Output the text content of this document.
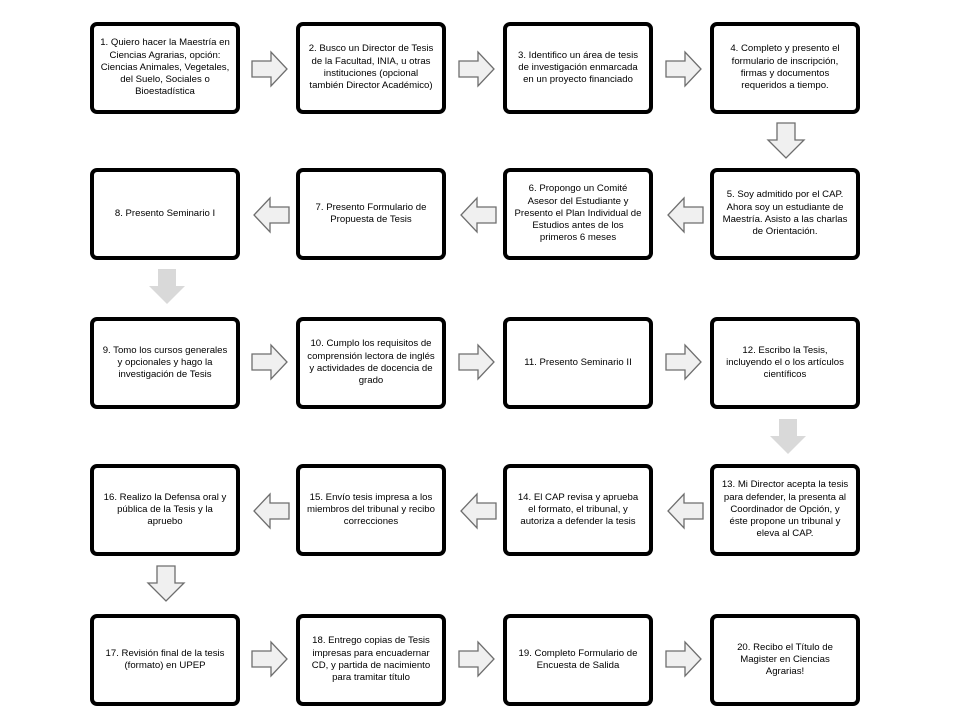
1. Quiero hacer la Maestría en Ciencias Agrarias, opción: Ciencias Animales, Vegetales, del Suelo, Sociales o Bioestadística
2. Busco un Director de Tesis de la Facultad, INIA, u otras instituciones (opcional también Director Académico)
3. Identifico un área de tesis de investigación enmarcada en un proyecto financiado
4. Completo y presento el formulario de inscripción, firmas y documentos requeridos a tiempo.
5. Soy admitido por el CAP. Ahora soy un estudiante de Maestría. Asisto a las charlas de Orientación.
6. Propongo un Comité Asesor del Estudiante y Presento el Plan Individual de Estudios antes de los primeros 6 meses
7. Presento Formulario de Propuesta de Tesis
8. Presento Seminario I
9. Tomo los cursos generales y opcionales y hago la investigación de Tesis
10. Cumplo los requisitos de comprensión lectora de inglés y actividades de docencia de grado
11. Presento Seminario II
12. Escribo la Tesis, incluyendo el o los artículos científicos
13. Mi Director acepta la tesis para defender, la presenta al Coordinador de Opción, y éste propone un tribunal y eleva al CAP.
14. El CAP revisa y aprueba el formato, el tribunal, y autoriza a defender la tesis
15. Envío tesis impresa a los miembros del tribunal y recibo correcciones
16. Realizo la Defensa oral y pública de la Tesis y la apruebo
17. Revisión final de la tesis (formato) en UPEP
18. Entrego copias de Tesis impresas para encuadernar CD, y partida de nacimiento para tramitar título
19. Completo Formulario de Encuesta de Salida
20. Recibo el Título de Magister en Ciencias Agrarias!
